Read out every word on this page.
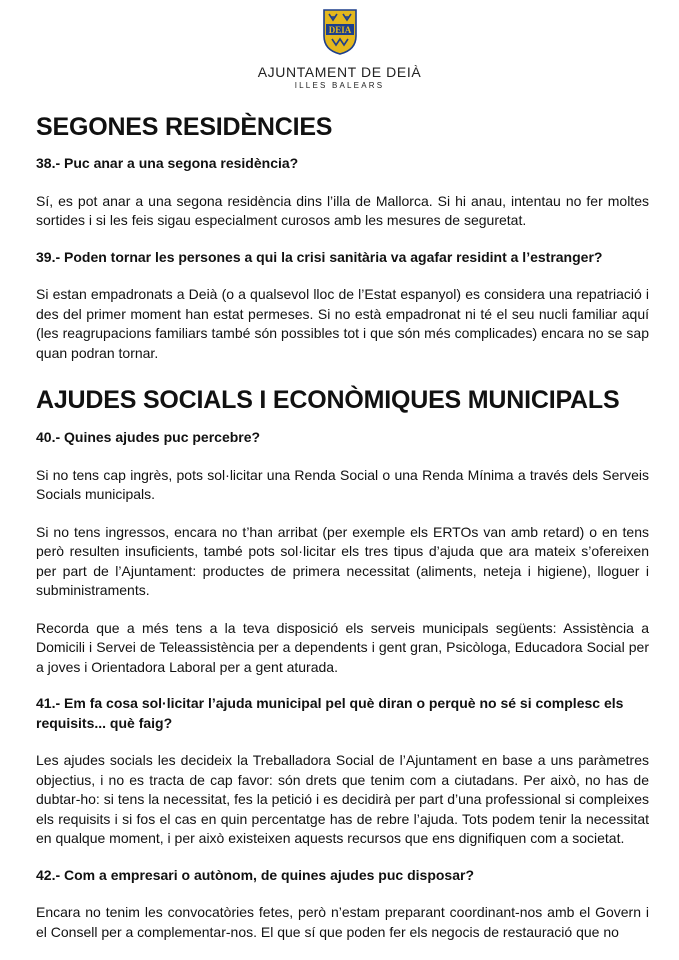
DEIA
AJUNTAMENT DE DEIÀ
ILLES BALEARS
SEGONES RESIDÈNCIES
38.- Puc anar a una segona residència?

Sí, es pot anar a una segona residència dins l’illa de Mallorca. Si hi anau, intentau no fer moltes sortides i si les feis sigau especialment curosos amb les mesures de seguretat.

39.- Poden tornar les persones a qui la crisi sanitària va agafar residint a l’estranger?

Si estan empadronats a Deià (o a qualsevol lloc de l’Estat espanyol) es considera una repatriació i des del primer moment han estat permeses. Si no està empadronat ni té el seu nucli familiar aquí (les reagrupacions familiars també són possibles tot i que són més complicades) encara no se sap quan podran tornar.

AJUDES SOCIALS I ECONÒMIQUES MUNICIPALS
40.- Quines ajudes puc percebre?

Si no tens cap ingrès, pots sol·licitar una Renda Social o una Renda Mínima a través dels Serveis Socials municipals.

Si no tens ingressos, encara no t’han arribat (per exemple els ERTOs van amb retard) o en tens però resulten insuficients, també pots sol·licitar els tres tipus d’ajuda que ara mateix s’ofereixen per part de l’Ajuntament: productes de primera necessitat (aliments, neteja i higiene), lloguer i subministraments.

Recorda que a més tens a la teva disposició els serveis municipals següents: Assistència a Domicili i Servei de Teleassistència per a dependents i gent gran, Psicòloga, Educadora Social per a joves i Orientadora Laboral per a gent aturada.

41.- Em fa cosa sol·licitar l’ajuda municipal pel què diran o perquè no sé si complesc els requisits... què faig?

Les ajudes socials les decideix la Treballadora Social de l’Ajuntament en base a uns paràmetres objectius, i no es tracta de cap favor: són drets que tenim com a ciutadans. Per això, no has de dubtar-ho: si tens la necessitat, fes la petició i es decidirà per part d’una professional si compleixes els requisits i si fos el cas en quin percentatge has de rebre l’ajuda. Tots podem tenir la necessitat en qualque moment, i per això existeixen aquests recursos que ens dignifiquen com a societat.

42.- Com a empresari o autònom, de quines ajudes puc disposar?

Encara no tenim les convocatòries fetes, però n’estam preparant coordinant-nos amb el Govern i el Consell per a complementar-nos. El que sí que poden fer els negocis de restauració que no
